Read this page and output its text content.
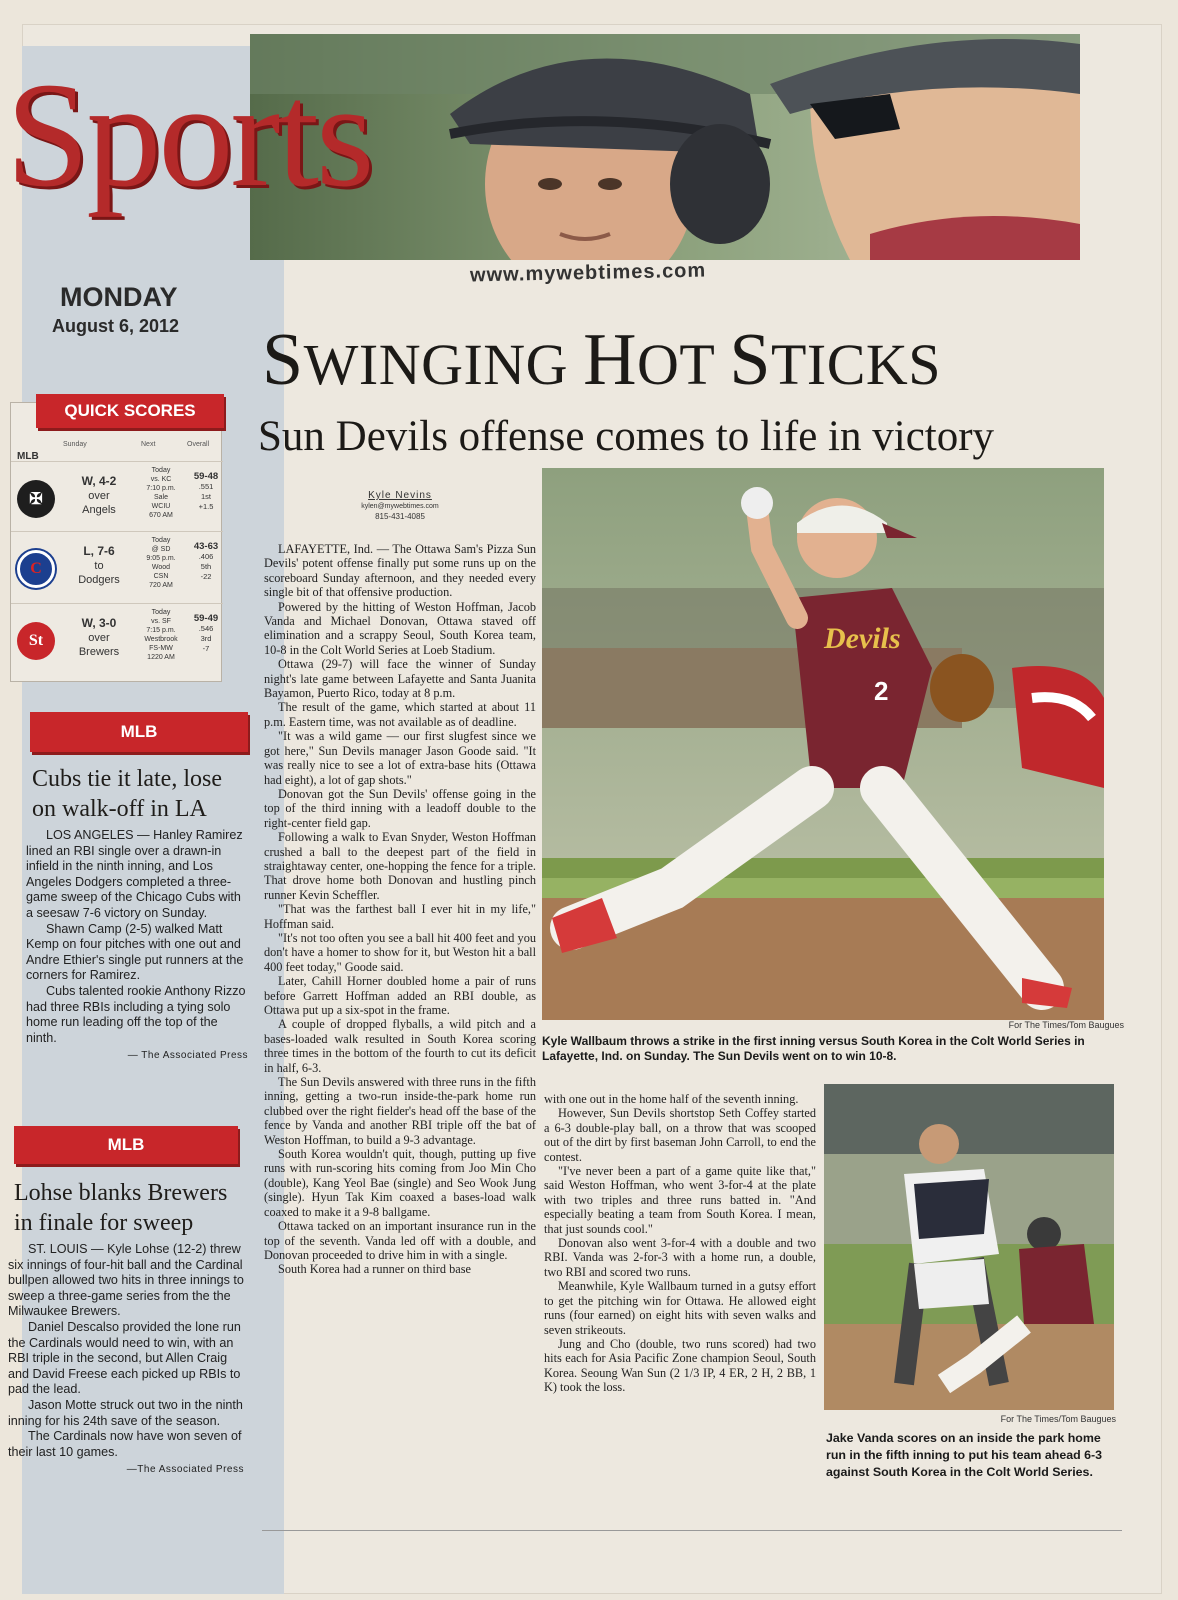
Sports
www.mywebtimes.com
MONDAY
August 6, 2012
QUICK SCORES
Sunday	Next	Overall
MLB
✠
W, 4-2
over
Angels
Today
vs. KC
7:10 p.m.
Sale
WCIU
670 AM
59-48
.551
1st
+1.5
C
L, 7-6
to
Dodgers
Today
@ SD
9:05 p.m.
Wood
CSN
720 AM
43-63
.406
5th
-22
St
W, 3-0
over
Brewers
Today
vs. SF
7:15 p.m.
Westbrook
FS-MW
1220 AM
59-49
.546
3rd
-7
MLB
Cubs tie it late, lose on walk-off in LA

LOS ANGELES — Hanley Ramirez lined an RBI single over a drawn-in infield in the ninth inning, and Los Angeles Dodgers completed a three-game sweep of the Chicago Cubs with a seesaw 7-6 victory on Sunday.

Shawn Camp (2-5) walked Matt Kemp on four pitches with one out and Andre Ethier's single put runners at the corners for Ramirez.

Cubs talented rookie Anthony Rizzo had three RBIs including a tying solo home run leading off the top of the ninth.

— The Associated Press
MLB
Lohse blanks Brewers in finale for sweep

ST. LOUIS — Kyle Lohse (12-2) threw six innings of four-hit ball and the Cardinal bullpen allowed two hits in three innings to sweep a three-game series from the the Milwaukee Brewers.

Daniel Descalso provided the lone run the Cardinals would need to win, with an RBI triple in the second, but Allen Craig and David Freese each picked up RBIs to pad the lead.

Jason Motte struck out two in the ninth inning for his 24th save of the season.

The Cardinals now have won seven of their last 10 games.

—The Associated Press
SWINGING HOT STICKS
Sun Devils offense comes to life in victory
Kyle Nevins
kylen@mywebtimes.com
815-431-4085

LAFAYETTE, Ind. — The Ottawa Sam's Pizza Sun Devils' potent offense finally put some runs up on the scoreboard Sunday afternoon, and they needed every single bit of that offensive production.

Powered by the hitting of Weston Hoffman, Jacob Vanda and Michael Donovan, Ottawa staved off elimination and a scrappy Seoul, South Korea team, 10-8 in the Colt World Series at Loeb Stadium.

Ottawa (29-7) will face the winner of Sunday night's late game between Lafayette and Santa Juanita Bayamon, Puerto Rico, today at 8 p.m.

The result of the game, which started at about 11 p.m. Eastern time, was not available as of deadline.

"It was a wild game — our first slugfest since we got here," Sun Devils manager Jason Goode said. "It was really nice to see a lot of extra-base hits (Ottawa had eight), a lot of gap shots."

Donovan got the Sun Devils' offense going in the top of the third inning with a leadoff double to the right-center field gap.

Following a walk to Evan Snyder, Weston Hoffman crushed a ball to the deepest part of the field in straightaway center, one-hopping the fence for a triple. That drove home both Donovan and hustling pinch runner Kevin Scheffler.

"That was the farthest ball I ever hit in my life," Hoffman said.

"It's not too often you see a ball hit 400 feet and you don't have a homer to show for it, but Weston hit a ball 400 feet today," Goode said.

Later, Cahill Horner doubled home a pair of runs before Garrett Hoffman added an RBI double, as Ottawa put up a six-spot in the frame.

A couple of dropped flyballs, a wild pitch and a bases-loaded walk resulted in South Korea scoring three times in the bottom of the fourth to cut its deficit in half, 6-3.

The Sun Devils answered with three runs in the fifth inning, getting a two-run inside-the-park home run clubbed over the right fielder's head off the base of the fence by Vanda and another RBI triple off the bat of Weston Hoffman, to build a 9-3 advantage.

South Korea wouldn't quit, though, putting up five runs with run-scoring hits coming from Joo Min Cho (double), Kang Yeol Bae (single) and Seo Wook Jung (single). Hyun Tak Kim coaxed a bases-load walk coaxed to make it a 9-8 ballgame.

Ottawa tacked on an important insurance run in the top of the seventh. Vanda led off with a double, and Donovan proceeded to drive him in with a single.

South Korea had a runner on third base

Devils
2
For The Times/Tom Baugues
Kyle Wallbaum throws a strike in the first inning versus South Korea in the Colt World Series in Lafayette, Ind. on Sunday. The Sun Devils went on to win 10-8.

with one out in the home half of the seventh inning.

However, Sun Devils shortstop Seth Coffey started a 6-3 double-play ball, on a throw that was scooped out of the dirt by first baseman John Carroll, to end the contest.

"I've never been a part of a game quite like that," said Weston Hoffman, who went 3-for-4 at the plate with two triples and three runs batted in. "And especially beating a team from South Korea. I mean, that just sounds cool."

Donovan also went 3-for-4 with a double and two RBI. Vanda was 2-for-3 with a home run, a double, two RBI and scored two runs.

Meanwhile, Kyle Wallbaum turned in a gutsy effort to get the pitching win for Ottawa. He allowed eight runs (four earned) on eight hits with seven walks and seven strikeouts.

Jung and Cho (double, two runs scored) had two hits each for Asia Pacific Zone champion Seoul, South Korea. Seoung Wan Sun (2 1/3 IP, 4 ER, 2 H, 2 BB, 1 K) took the loss.

For The Times/Tom Baugues
Jake Vanda scores on an inside the park home run in the fifth inning to put his team ahead 6-3 against South Korea in the Colt World Series.
